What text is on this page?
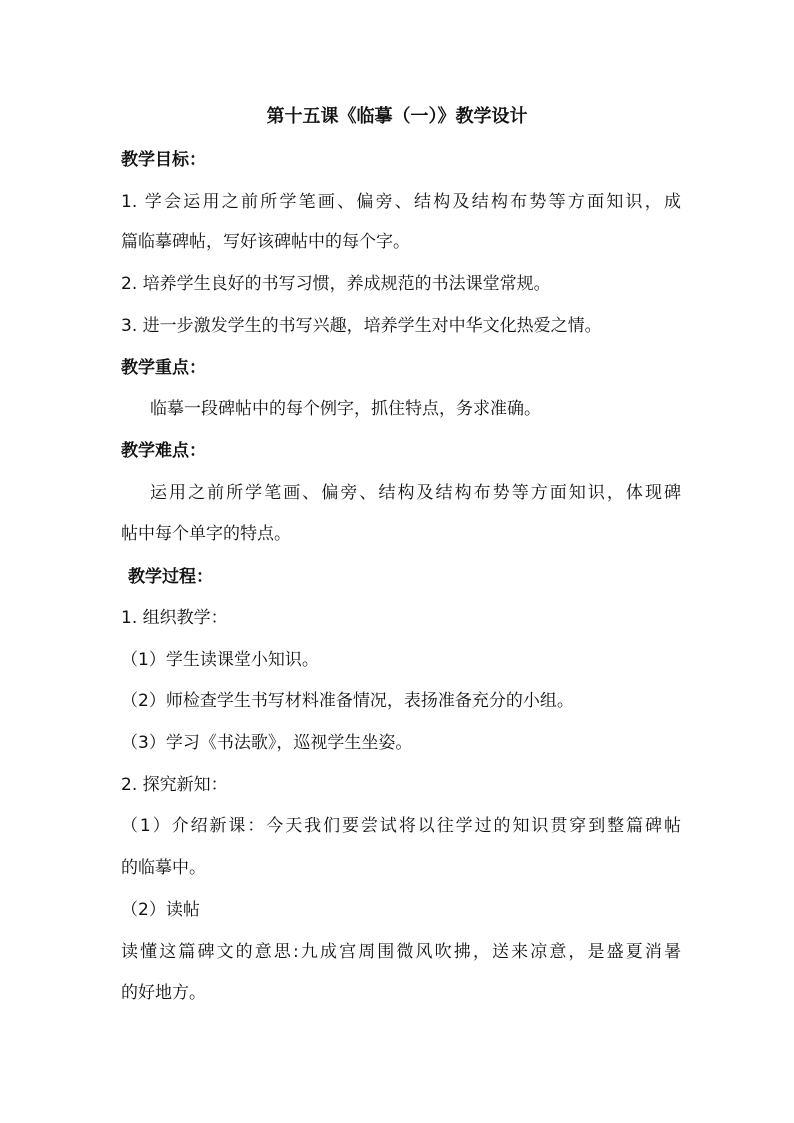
第十五课《临摹（一）》教学设计
教学目标：
1. 学会运用之前所学笔画、偏旁、结构及结构布势等方面知识，成
篇临摹碑帖，写好该碑帖中的每个字。
2. 培养学生良好的书写习惯，养成规范的书法课堂常规。
3. 进一步激发学生的书写兴趣，培养学生对中华文化热爱之情。
教学重点：
临摹一段碑帖中的每个例字，抓住特点，务求准确。
教学难点：
运用之前所学笔画、偏旁、结构及结构布势等方面知识，体现碑
帖中每个单字的特点。
教学过程：
1. 组织教学：
（1）学生读课堂小知识。
（2）师检查学生书写材料准备情况，表扬准备充分的小组。
（3）学习《书法歌》，巡视学生坐姿。
2. 探究新知：
（1）介绍新课：今天我们要尝试将以往学过的知识贯穿到整篇碑帖
的临摹中。
（2）读帖
读懂这篇碑文的意思:九成宫周围微风吹拂，送来凉意，是盛夏消暑
的好地方。
